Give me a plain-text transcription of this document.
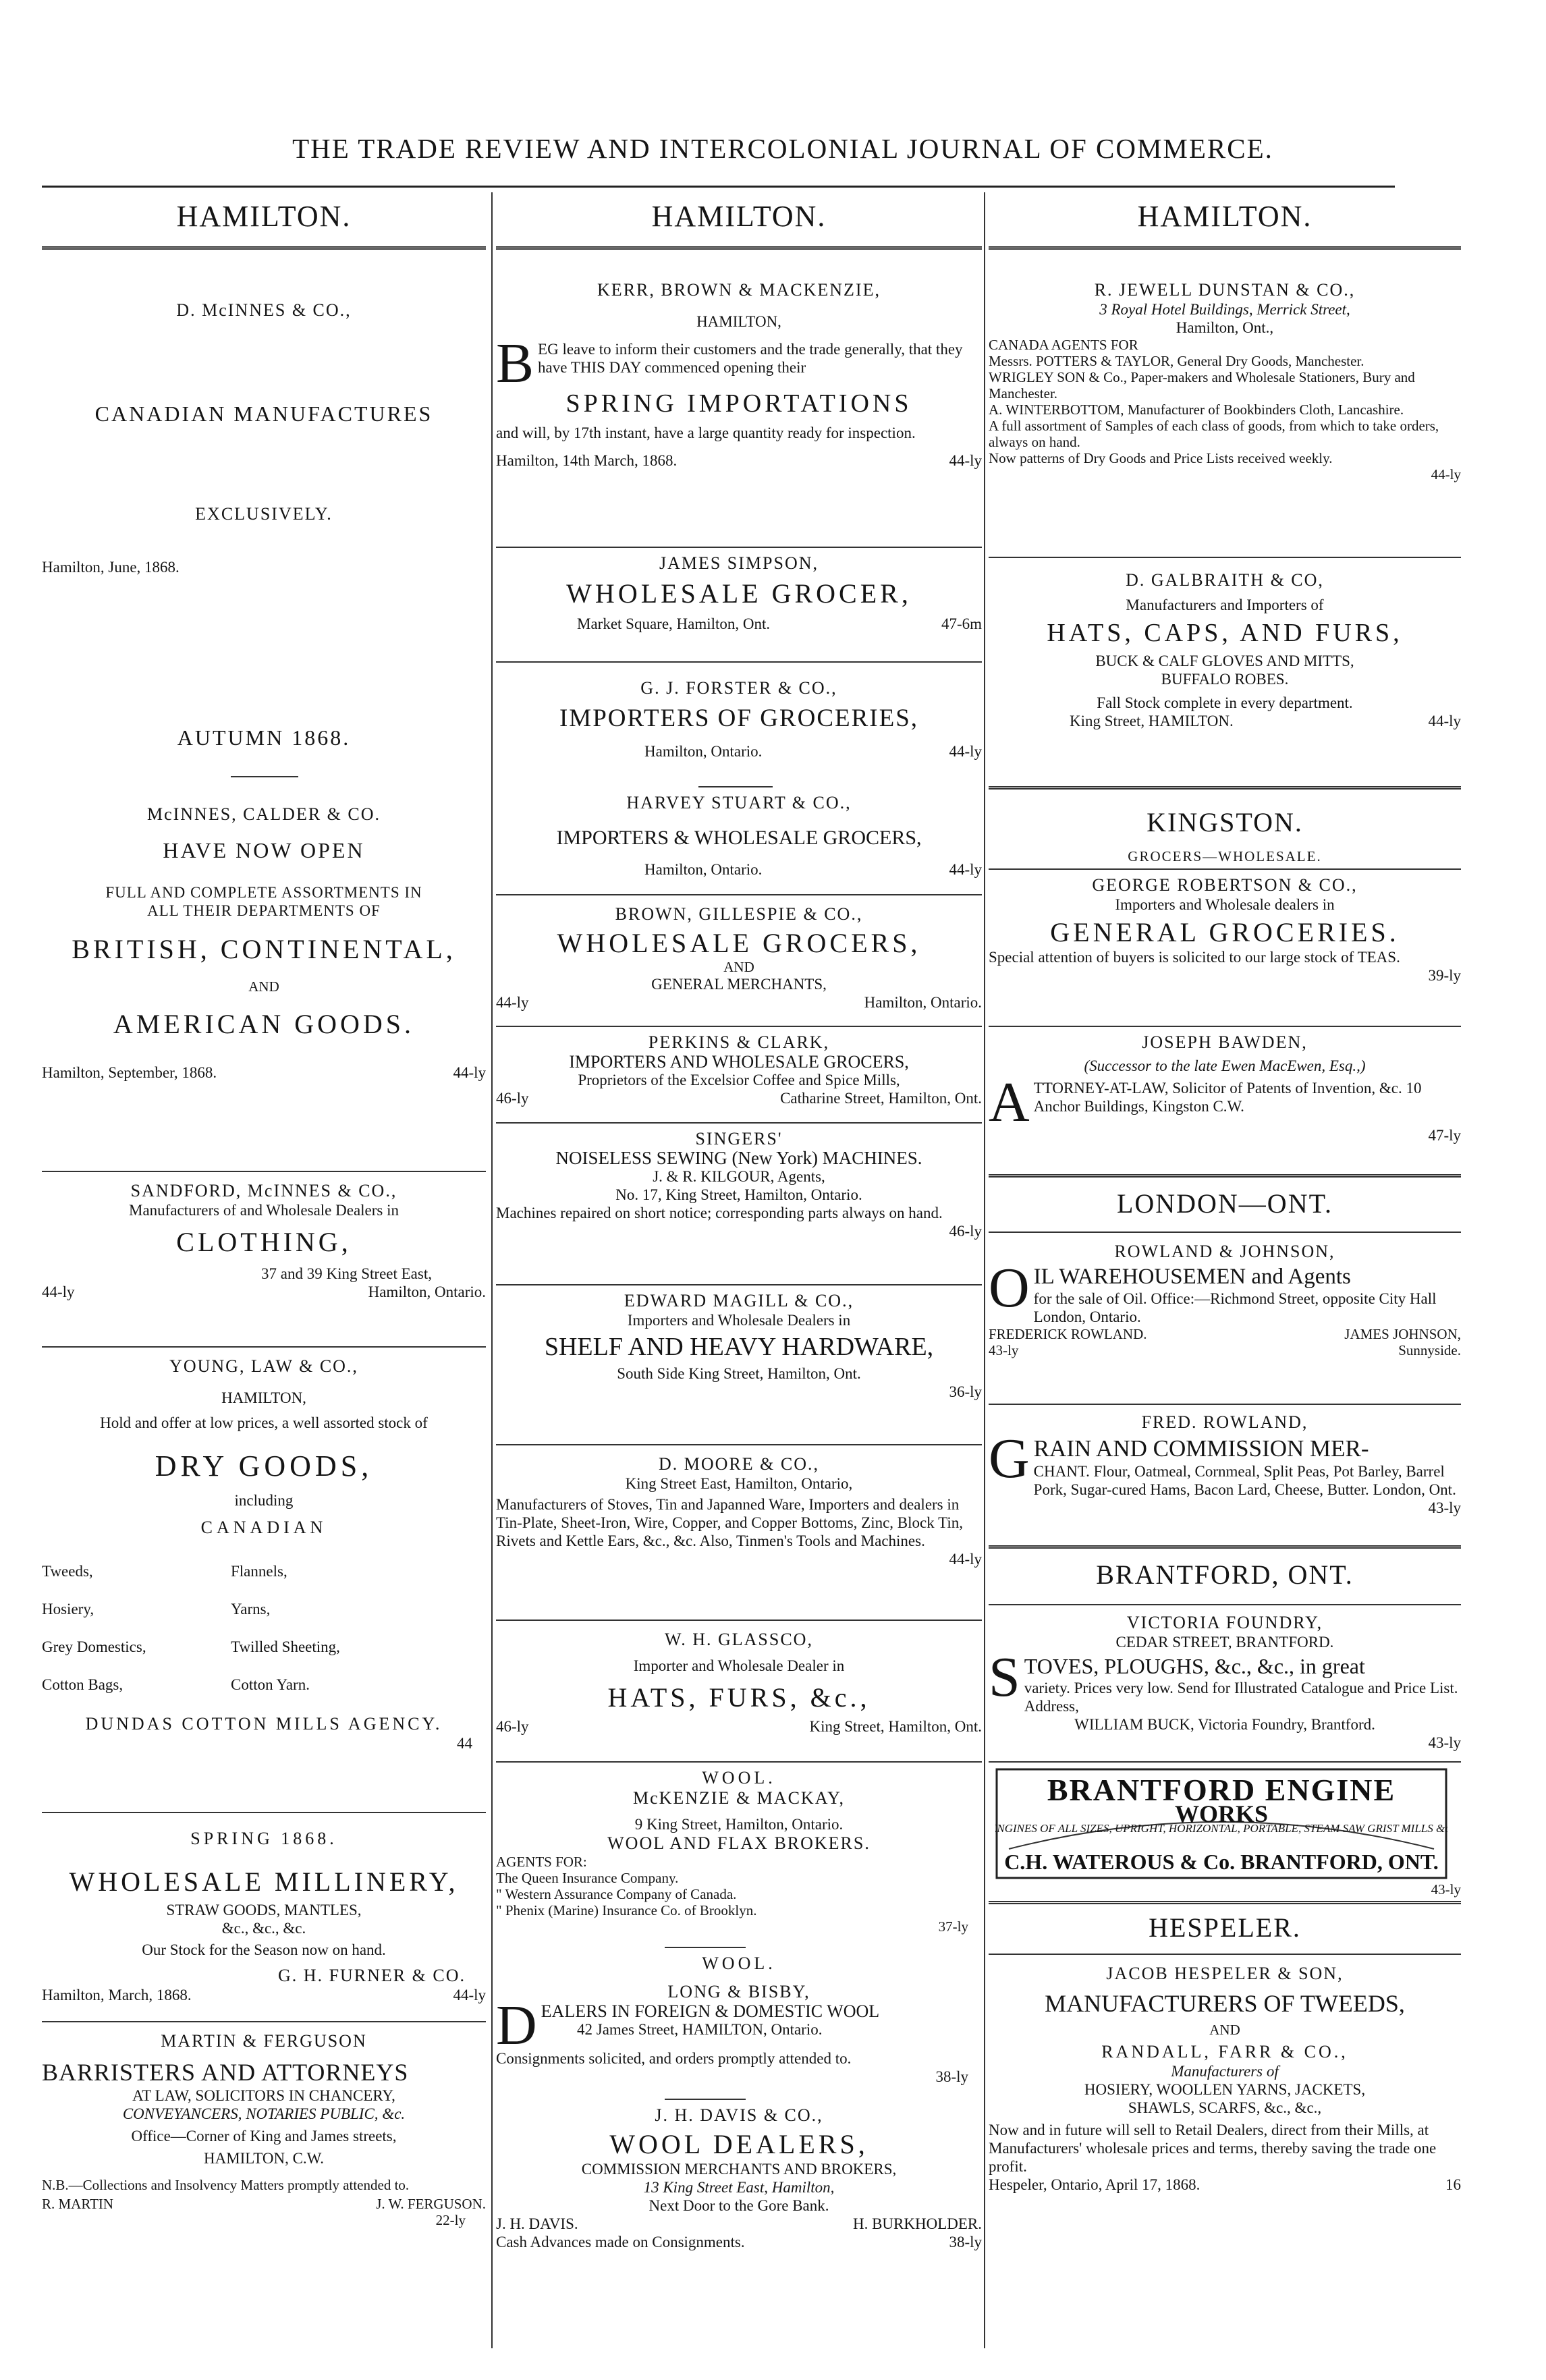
THE TRADE REVIEW AND INTERCOLONIAL JOURNAL OF COMMERCE.
HAMILTON.

D. McINNES & CO.,

CANADIAN MANUFACTURES

EXCLUSIVELY.

Hamilton, June, 1868.

AUTUMN 1868.

McINNES, CALDER & CO.

HAVE NOW OPEN

FULL AND COMPLETE ASSORTMENTS IN

ALL THEIR DEPARTMENTS OF

BRITISH, CONTINENTAL,

AND

AMERICAN GOODS.

Hamilton, September, 1868.	44-ly

SANDFORD, McINNES & CO.,

Manufacturers of and Wholesale Dealers in

CLOTHING,

37 and 39 King Street East,

44-ly	Hamilton, Ontario.

YOUNG, LAW & CO.,

HAMILTON,

Hold and offer at low prices, a well assorted stock of

DRY GOODS,

including

CANADIAN

Tweeds,	Flannels,
Hosiery,	Yarns,
Grey Domestics,	Twilled Sheeting,
Cotton Bags,	Cotton Yarn.

DUNDAS COTTON MILLS AGENCY.

44

SPRING 1868.

WHOLESALE MILLINERY,

STRAW GOODS, MANTLES,

&c., &c., &c.

Our Stock for the Season now on hand.

G. H. FURNER & CO.

Hamilton, March, 1868.	44-ly

MARTIN & FERGUSON

BARRISTERS AND ATTORNEYS

AT LAW, SOLICITORS IN CHANCERY,

CONVEYANCERS, NOTARIES PUBLIC, &c.

Office—Corner of King and James streets,

HAMILTON, C.W.

N.B.—Collections and Insolvency Matters promptly attended to.

R. MARTIN	J. W. FERGUSON.

22-ly

HAMILTON.

KERR, BROWN & MACKENZIE,

HAMILTON,

BEG leave to inform their customers and the trade generally, that they have THIS DAY commenced opening their

SPRING IMPORTATIONS

and will, by 17th instant, have a large quantity ready for inspection.

Hamilton, 14th March, 1868.	44-ly

JAMES SIMPSON,

WHOLESALE GROCER,

Market Square, Hamilton, Ont.	47-6m

G. J. FORSTER & CO.,

IMPORTERS OF GROCERIES,

Hamilton, Ontario.	44-ly

HARVEY STUART & CO.,

IMPORTERS & WHOLESALE GROCERS,

Hamilton, Ontario.	44-ly

BROWN, GILLESPIE & CO.,

WHOLESALE GROCERS,

AND

GENERAL MERCHANTS,

44-ly	Hamilton, Ontario.

PERKINS & CLARK,

IMPORTERS AND WHOLESALE GROCERS,

Proprietors of the Excelsior Coffee and Spice Mills,

46-ly	Catharine Street, Hamilton, Ont.

SINGERS'

NOISELESS SEWING (New York) MACHINES.

J. & R. KILGOUR, Agents,

No. 17, King Street, Hamilton, Ontario.

Machines repaired on short notice; corresponding parts always on hand.

46-ly

EDWARD MAGILL & CO.,

Importers and Wholesale Dealers in

SHELF AND HEAVY HARDWARE,

South Side King Street, Hamilton, Ont.

36-ly

D. MOORE & CO.,

King Street East, Hamilton, Ontario,

Manufacturers of Stoves, Tin and Japanned Ware, Importers and dealers in Tin-Plate, Sheet-Iron, Wire, Copper, and Copper Bottoms, Zinc, Block Tin, Rivets and Kettle Ears, &c., &c. Also, Tinmen's Tools and Machines.

44-ly

W. H. GLASSCO,

Importer and Wholesale Dealer in

HATS, FURS, &c.,

46-ly	King Street, Hamilton, Ont.

WOOL.

McKENZIE & MACKAY,

9 King Street, Hamilton, Ontario.

WOOL AND FLAX BROKERS.

AGENTS FOR:

The Queen Insurance Company.

" Western Assurance Company of Canada.

" Phenix (Marine) Insurance Co. of Brooklyn.

37-ly

WOOL.

LONG & BISBY,

DEALERS IN FOREIGN & DOMESTIC WOOL

42 James Street, HAMILTON, Ontario.

Consignments solicited, and orders promptly attended to.

38-ly

J. H. DAVIS & CO.,

WOOL DEALERS,

COMMISSION MERCHANTS AND BROKERS,

13 King Street East, Hamilton,

Next Door to the Gore Bank.

J. H. DAVIS.	H. BURKHOLDER.
Cash Advances made on Consignments.	38-ly
HAMILTON.

R. JEWELL DUNSTAN & CO.,

3 Royal Hotel Buildings, Merrick Street,

Hamilton, Ont.,

CANADA AGENTS FOR

Messrs. POTTERS & TAYLOR, General Dry Goods, Manchester.

WRIGLEY SON & Co., Paper-makers and Wholesale Stationers, Bury and Manchester.

A. WINTERBOTTOM, Manufacturer of Bookbinders Cloth, Lancashire.

A full assortment of Samples of each class of goods, from which to take orders, always on hand.

Now patterns of Dry Goods and Price Lists received weekly.

44-ly

D. GALBRAITH & CO,

Manufacturers and Importers of

HATS, CAPS, AND FURS,

BUCK & CALF GLOVES AND MITTS,

BUFFALO ROBES.

Fall Stock complete in every department.

King Street, HAMILTON.	44-ly
KINGSTON.
GROCERS—WHOLESALE.

GEORGE ROBERTSON & CO.,

Importers and Wholesale dealers in

GENERAL GROCERIES.

Special attention of buyers is solicited to our large stock of TEAS.

39-ly

JOSEPH BAWDEN,

(Successor to the late Ewen MacEwen, Esq.,)

ATTORNEY-AT-LAW, Solicitor of Patents of Invention, &c. 10 Anchor Buildings, Kingston C.W.

47-ly

LONDON—ONT.

ROWLAND & JOHNSON,

OIL WAREHOUSEMEN and Agents

for the sale of Oil. Office:—Richmond Street, opposite City Hall London, Ontario.

FREDERICK ROWLAND.	JAMES JOHNSON,
43-ly	Sunnyside.

FRED. ROWLAND,

GRAIN AND COMMISSION MER-

CHANT. Flour, Oatmeal, Cornmeal, Split Peas, Pot Barley, Barrel Pork, Sugar-cured Hams, Bacon Lard, Cheese, Butter. London, Ont.

43-ly

BRANTFORD, ONT.

VICTORIA FOUNDRY,

CEDAR STREET, BRANTFORD.

STOVES, PLOUGHS, &c., &c., in great

variety. Prices very low. Send for Illustrated Catalogue and Price List. Address,

WILLIAM BUCK, Victoria Foundry, Brantford.

43-ly

BRANTFORD ENGINE
ENGINES OF ALL SIZES, UPRIGHT, HORIZONTAL, PORTABLE, STEAM SAW GRIST MILLS &c.
WORKS
C.H. WATEROUS & Co. BRANTFORD, ONT.
43-ly
HESPELER.

JACOB HESPELER & SON,

MANUFACTURERS OF TWEEDS,

AND

RANDALL, FARR & CO.,

Manufacturers of

HOSIERY, WOOLLEN YARNS, JACKETS,

SHAWLS, SCARFS, &c., &c.,

Now and in future will sell to Retail Dealers, direct from their Mills, at Manufacturers' wholesale prices and terms, thereby saving the trade one profit.

Hespeler, Ontario, April 17, 1868.	16
